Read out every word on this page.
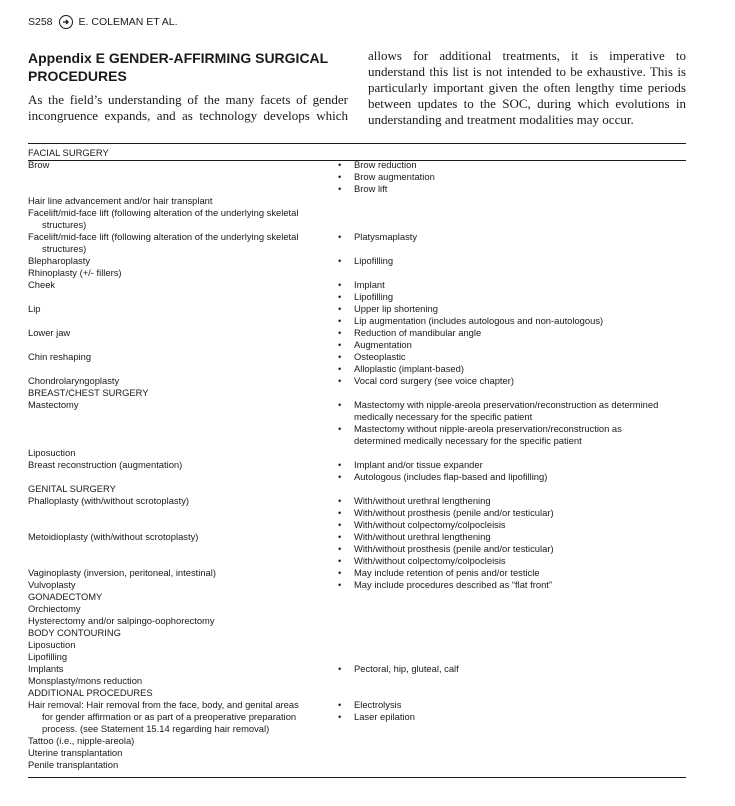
S258 E. COLEMAN ET AL.
Appendix E GENDER-AFFIRMING SURGICAL PROCEDURES

As the field’s understanding of the many facets of gender incongruence expands, and as technology develops which

allows for additional treatments, it is imperative to understand this list is not intended to be exhaustive. This is particularly important given the often lengthy time periods between updates to the SOC, during which evolutions in understanding and treatment modalities may occur.

FACIAL SURGERY
Brow	•	Brow reduction
•	Brow augmentation
•	Brow lift
Hair line advancement and/or hair transplant
Facelift/mid-face lift (following alteration of the underlying skeletal
structures)
Facelift/mid-face lift (following alteration of the underlying skeletal
structures)
•	Platysmaplasty
Blepharoplasty	•	Lipofilling
Rhinoplasty (+/- fillers)
Cheek	•	Implant
•	Lipofilling
Lip	•	Upper lip shortening
•	Lip augmentation (includes autologous and non-autologous)
Lower jaw	•	Reduction of mandibular angle
•	Augmentation
Chin reshaping	•	Osteoplastic
•	Alloplastic (implant-based)
Chondrolaryngoplasty	•	Vocal cord surgery (see voice chapter)
BREAST/CHEST SURGERY
Mastectomy	•	Mastectomy with nipple-areola preservation/reconstruction as determined
medically necessary for the specific patient
•	Mastectomy without nipple-areola preservation/reconstruction as
determined medically necessary for the specific patient
Liposuction
Breast reconstruction (augmentation)	•	Implant and/or tissue expander
•	Autologous (includes flap-based and lipofilling)
GENITAL SURGERY
Phalloplasty (with/without scrotoplasty)	•	With/without urethral lengthening
•	With/without prosthesis (penile and/or testicular)
•	With/without colpectomy/colpocleisis
Metoidioplasty (with/without scrotoplasty)	•	With/without urethral lengthening
•	With/without prosthesis (penile and/or testicular)
•	With/without colpectomy/colpocleisis
Vaginoplasty (inversion, peritoneal, intestinal)	•	May include retention of penis and/or testicle
Vulvoplasty	•	May include procedures described as “flat front”
GONADECTOMY
Orchiectomy
Hysterectomy and/or salpingo-oophorectomy
BODY CONTOURING
Liposuction
Lipofilling
Implants	•	Pectoral, hip, gluteal, calf
Monsplasty/mons reduction
ADDITIONAL PROCEDURES
Hair removal: Hair removal from the face, body, and genital areas
for gender affirmation or as part of a preoperative preparation
process. (see Statement 15.14 regarding hair removal)
•	Electrolysis
•	Laser epilation
Tattoo (i.e., nipple-areola)
Uterine transplantation
Penile transplantation
